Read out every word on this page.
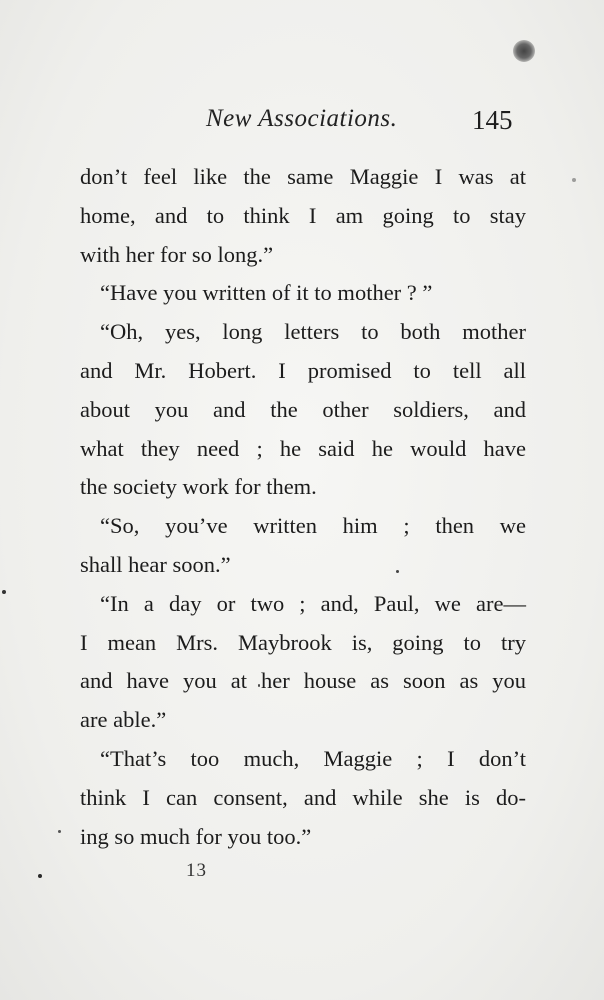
New Associations.	145
don’t feel like the same Maggie I was at
home, and to think I am going to stay
with her for so long.”
“Have you written of it to mother ? ”
“Oh, yes, long letters to both mother
and Mr. Hobert. I promised to tell all
about you and the other soldiers, and
what they need ; he said he would have
the society work for them.
“So, you’ve written him ; then we
shall hear soon.”
“In a day or two ; and, Paul, we are—
I mean Mrs. Maybrook is, going to try
and have you at her house as soon as you
are able.”
“That’s too much, Maggie ; I don’t
think I can consent, and while she is do-
ing so much for you too.”
13
